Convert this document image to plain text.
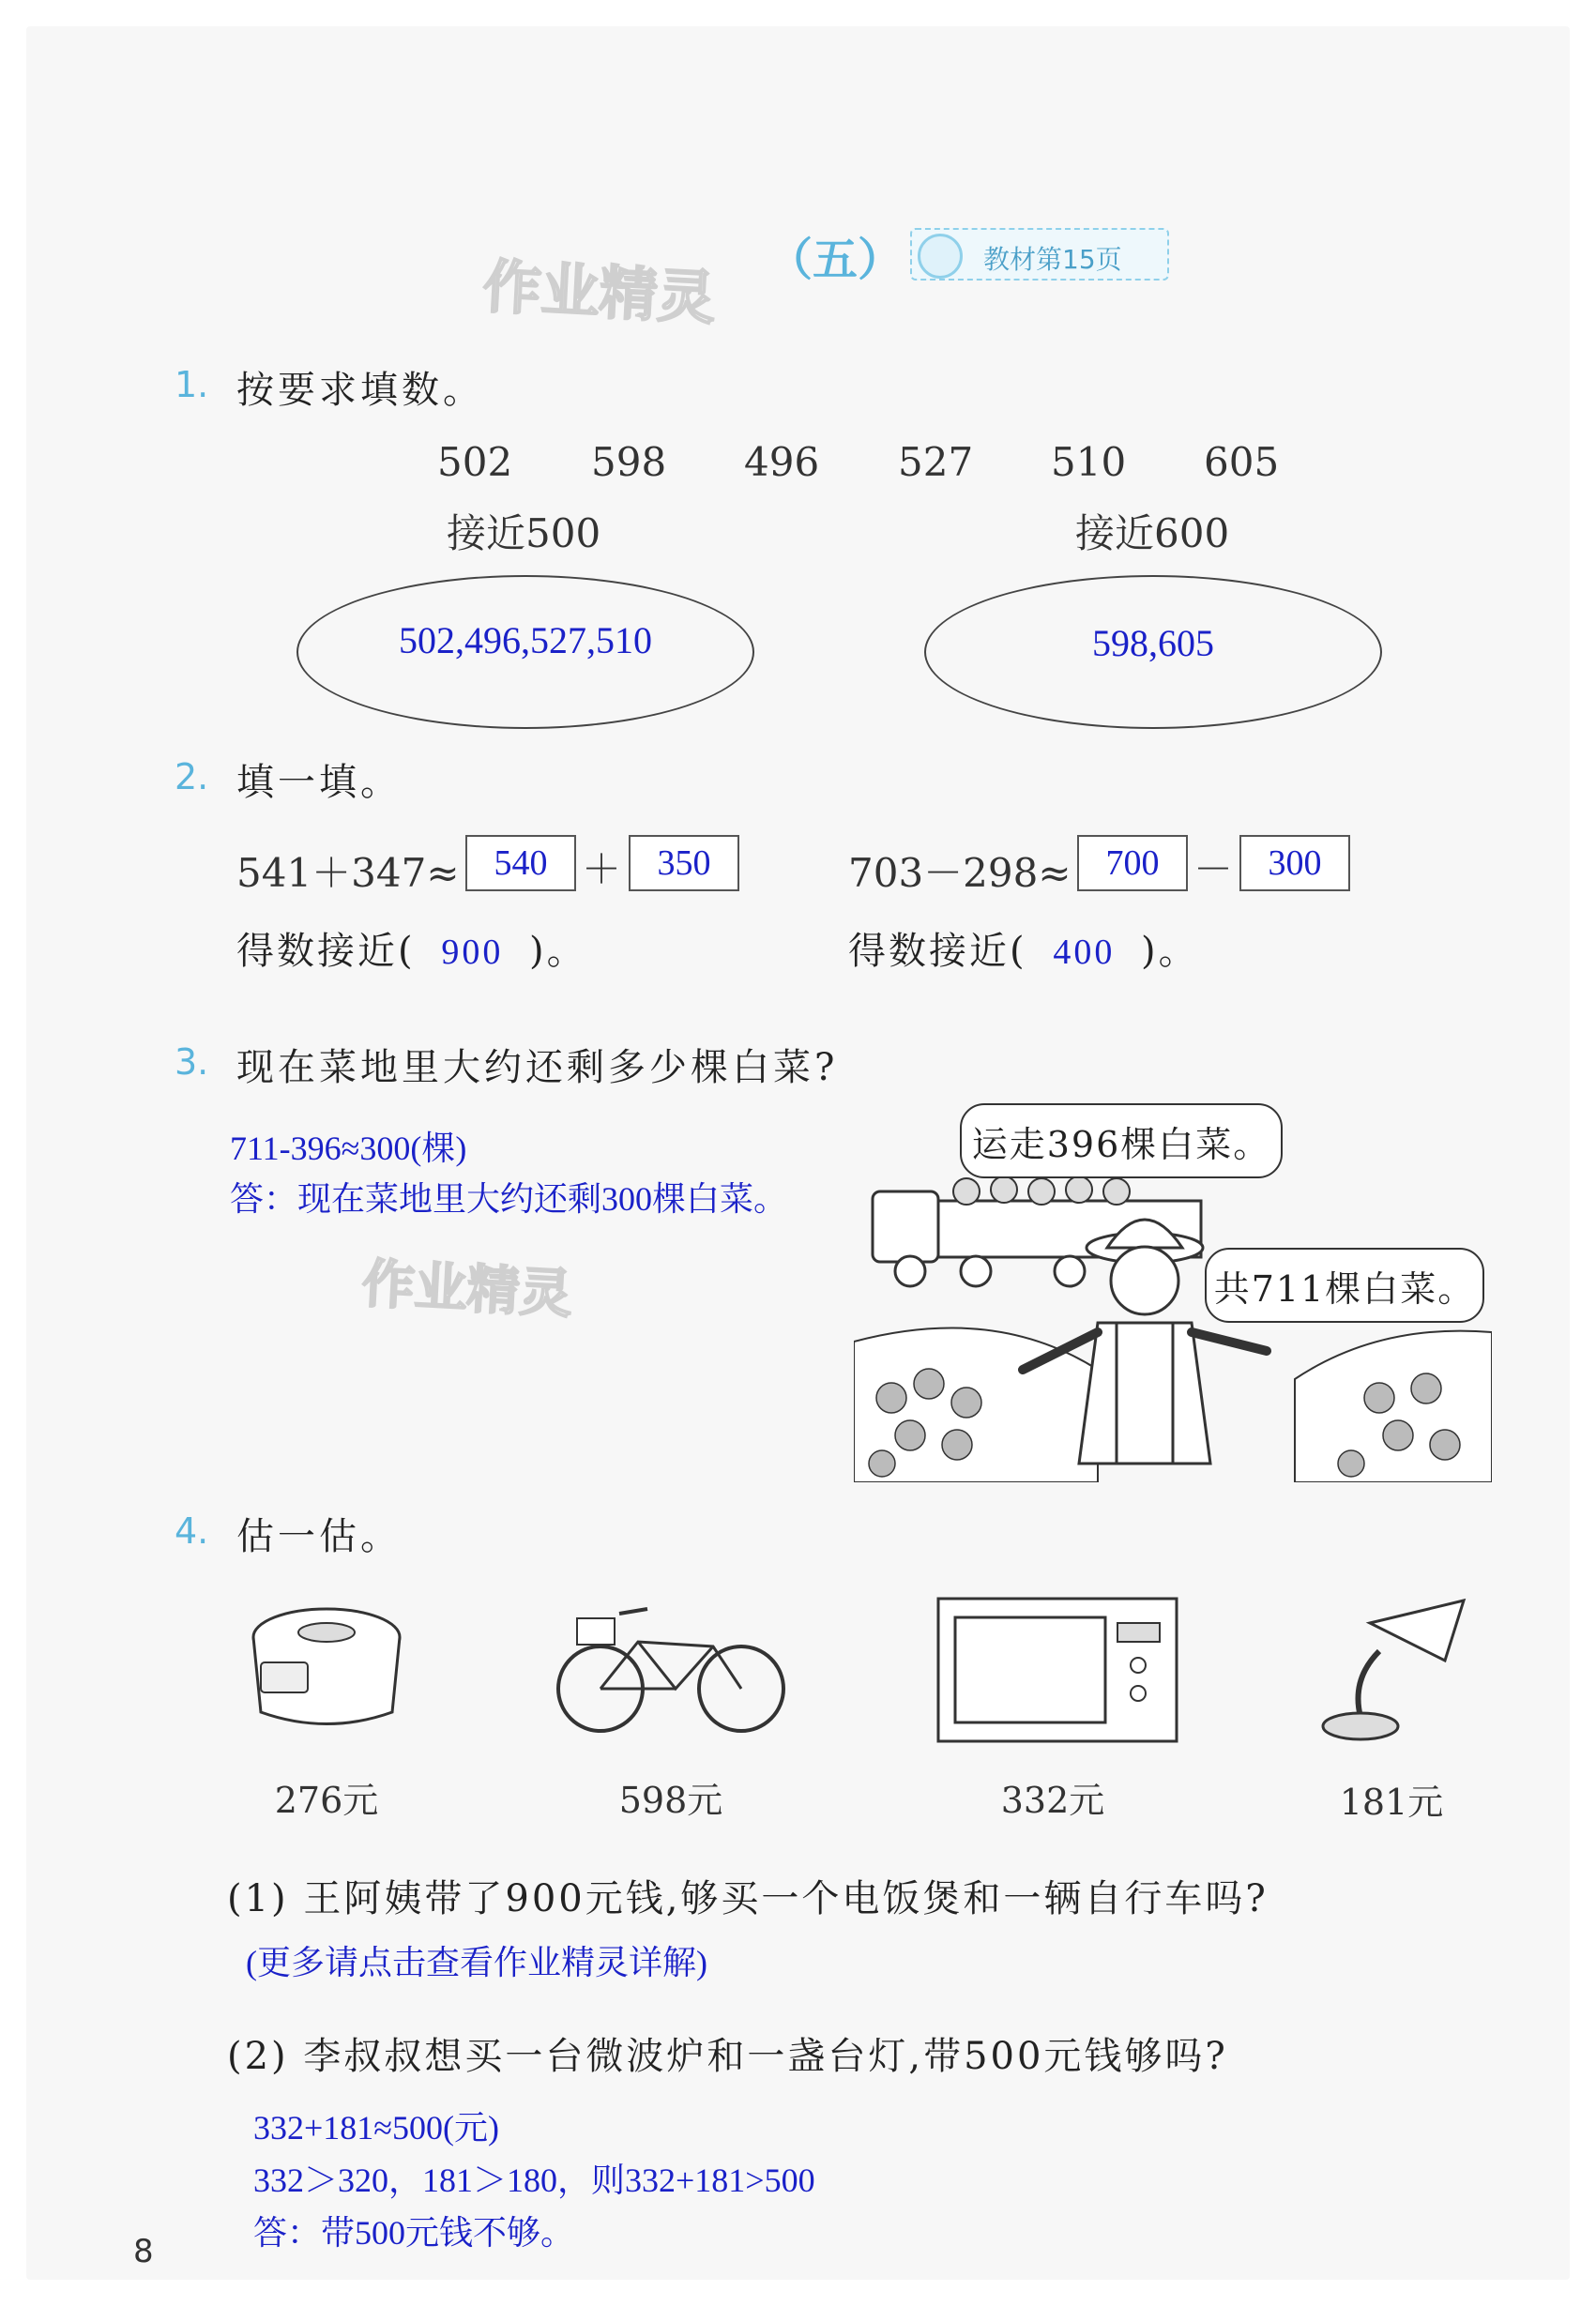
作业精灵 （五）	教材第15页
1. 按要求填数。
502 598 496 527 510 605
接近500	接近600
502,496,527,510	598,605
2. 填一填。
541＋347≈ 540 ＋ 350
得数接近( 900 )。
703－298≈ 700 － 300
得数接近( 400 )。
3. 现在菜地里大约还剩多少棵白菜?
711-396≈300(棵)
答：现在菜地里大约还剩300棵白菜。
作业精灵
运走396棵白菜。
共711棵白菜。
4. 估一估。
276元	598元	332元	181元
(1) 王阿姨带了900元钱,够买一个电饭煲和一辆自行车吗?
(更多请点击查看作业精灵详解)
(2) 李叔叔想买一台微波炉和一盏台灯,带500元钱够吗?
332+181≈500(元)
332＞320，181＞180，则332+181>500
答：带500元钱不够。
8
